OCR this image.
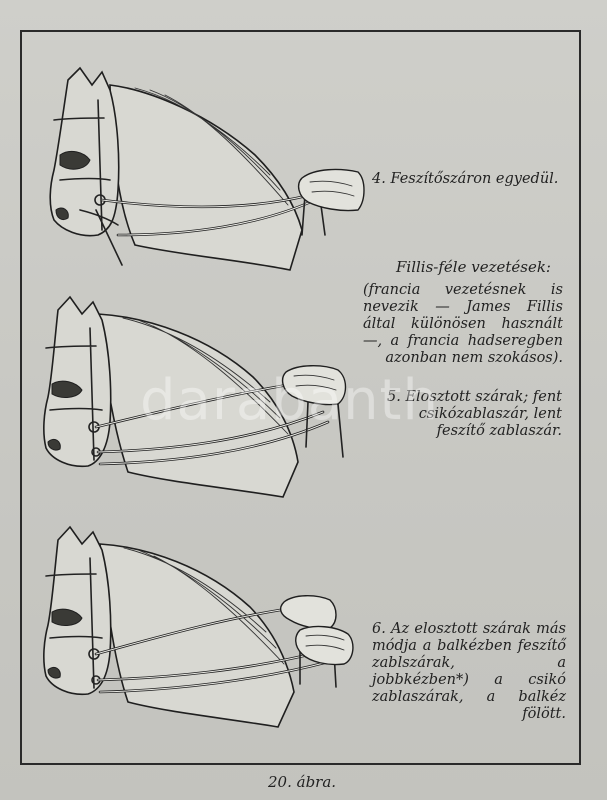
4. Feszítőszáron egyedül.
Fillis-féle vezetések:
(francia vezetésnek is nevezik — James Fillis által különösen használt —, a francia hadseregben azonban nem szokásos).
5. Elosztott szárak; fent csikózablaszár, lent feszítő zablaszár.
6. Az elosztott szárak más módja a balkézben feszítő zablszárak, a jobbkézben*) a csikó zablaszárak, a balkéz fölött.
20. ábra.
darabanth
